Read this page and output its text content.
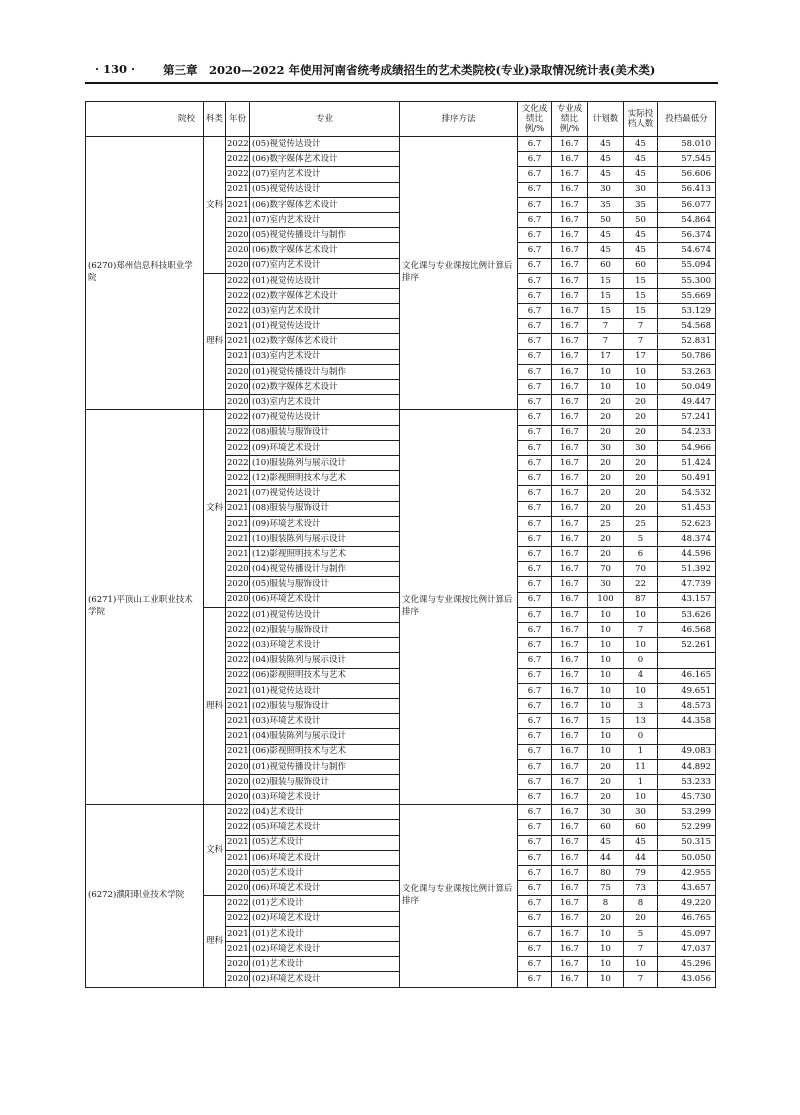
· 130 · 第三章　2020—2022 年使用河南省统考成绩招生的艺术类院校(专业)录取情况统计表(美术类)
院校	科类	年份	专业	排序方法	文化成绩比例/%	专业成绩比例/%	计划数	实际投档人数	投档最低分
(6270)郑州信息科技职业学院	文科	2022	(05)视觉传达设计	文化课与专业课按比例计算后排序	6.7	16.7	45	45	58.010
		2022	(06)数字媒体艺术设计		6.7	16.7	45	45	57.545
		2022	(07)室内艺术设计		6.7	16.7	45	45	56.606
		2021	(05)视觉传达设计		6.7	16.7	30	30	56.413
		2021	(06)数字媒体艺术设计		6.7	16.7	35	35	56.077
		2021	(07)室内艺术设计		6.7	16.7	50	50	54.864
		2020	(05)视觉传播设计与制作		6.7	16.7	45	45	56.374
		2020	(06)数字媒体艺术设计		6.7	16.7	45	45	54.674
		2020	(07)室内艺术设计		6.7	16.7	60	60	55.094
	理科	2022	(01)视觉传达设计		6.7	16.7	15	15	55.300
		2022	(02)数字媒体艺术设计		6.7	16.7	15	15	55.669
		2022	(03)室内艺术设计		6.7	16.7	15	15	53.129
		2021	(01)视觉传达设计		6.7	16.7	7	7	54.568
		2021	(02)数字媒体艺术设计		6.7	16.7	7	7	52.831
		2021	(03)室内艺术设计		6.7	16.7	17	17	50.786
		2020	(01)视觉传播设计与制作		6.7	16.7	10	10	53.263
		2020	(02)数字媒体艺术设计		6.7	16.7	10	10	50.049
		2020	(03)室内艺术设计		6.7	16.7	20	20	49.447
(6271)平顶山工业职业技术学院	文科	2022	(07)视觉传达设计	文化课与专业课按比例计算后排序	6.7	16.7	20	20	57.241
		2022	(08)服装与服饰设计		6.7	16.7	20	20	54.233
		2022	(09)环境艺术设计		6.7	16.7	30	30	54.966
		2022	(10)服装陈列与展示设计		6.7	16.7	20	20	51.424
		2022	(12)影视照明技术与艺术		6.7	16.7	20	20	50.491
		2021	(07)视觉传达设计		6.7	16.7	20	20	54.532
		2021	(08)服装与服饰设计		6.7	16.7	20	20	51.453
		2021	(09)环境艺术设计		6.7	16.7	25	25	52.623
		2021	(10)服装陈列与展示设计		6.7	16.7	20	5	48.374
		2021	(12)影视照明技术与艺术		6.7	16.7	20	6	44.596
		2020	(04)视觉传播设计与制作		6.7	16.7	70	70	51.392
		2020	(05)服装与服饰设计		6.7	16.7	30	22	47.739
		2020	(06)环境艺术设计		6.7	16.7	100	87	43.157
	理科	2022	(01)视觉传达设计		6.7	16.7	10	10	53.626
		2022	(02)服装与服饰设计		6.7	16.7	10	7	46.568
		2022	(03)环境艺术设计		6.7	16.7	10	10	52.261
		2022	(04)服装陈列与展示设计		6.7	16.7	10	0	
		2022	(06)影视照明技术与艺术		6.7	16.7	10	4	46.165
		2021	(01)视觉传达设计		6.7	16.7	10	10	49.651
		2021	(02)服装与服饰设计		6.7	16.7	10	3	48.573
		2021	(03)环境艺术设计		6.7	16.7	15	13	44.358
		2021	(04)服装陈列与展示设计		6.7	16.7	10	0	
		2021	(06)影视照明技术与艺术		6.7	16.7	10	1	49.083
		2020	(01)视觉传播设计与制作		6.7	16.7	20	11	44.892
		2020	(02)服装与服饰设计		6.7	16.7	20	1	53.233
		2020	(03)环境艺术设计		6.7	16.7	20	10	45.730
(6272)濮阳职业技术学院	文科	2022	(04)艺术设计	文化课与专业课按比例计算后排序	6.7	16.7	30	30	53.299
		2022	(05)环境艺术设计		6.7	16.7	60	60	52.299
		2021	(05)艺术设计		6.7	16.7	45	45	50.315
		2021	(06)环境艺术设计		6.7	16.7	44	44	50.050
		2020	(05)艺术设计		6.7	16.7	80	79	42.955
		2020	(06)环境艺术设计		6.7	16.7	75	73	43.657
	理科	2022	(01)艺术设计		6.7	16.7	8	8	49.220
		2022	(02)环境艺术设计		6.7	16.7	20	20	46.765
		2021	(01)艺术设计		6.7	16.7	10	5	45.097
		2021	(02)环境艺术设计		6.7	16.7	10	7	47.037
		2020	(01)艺术设计		6.7	16.7	10	10	45.296
		2020	(02)环境艺术设计		6.7	16.7	10	7	43.056
